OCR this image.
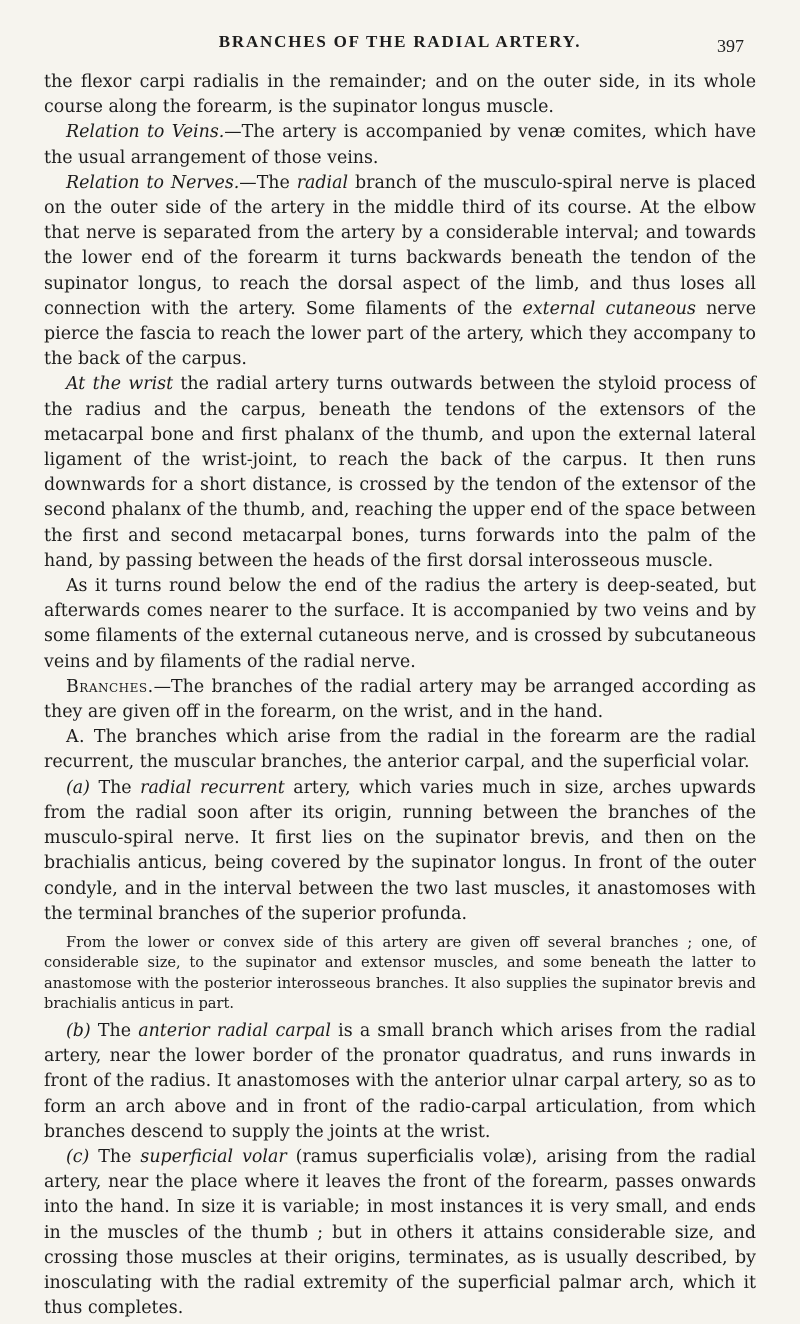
BRANCHES OF THE RADIAL ARTERY.	397

the flexor carpi radialis in the remainder; and on the outer side, in its whole course along the forearm, is the supinator longus muscle.

Relation to Veins.—The artery is accompanied by venæ comites, which have the usual arrangement of those veins.

Relation to Nerves.—The radial branch of the musculo-spiral nerve is placed on the outer side of the artery in the middle third of its course. At the elbow that nerve is separated from the artery by a considerable interval; and towards the lower end of the forearm it turns backwards beneath the tendon of the supinator longus, to reach the dorsal aspect of the limb, and thus loses all connection with the artery. Some filaments of the external cutaneous nerve pierce the fascia to reach the lower part of the artery, which they accompany to the back of the carpus.

At the wrist the radial artery turns outwards between the styloid process of the radius and the carpus, beneath the tendons of the extensors of the metacarpal bone and first phalanx of the thumb, and upon the external lateral ligament of the wrist-joint, to reach the back of the carpus. It then runs downwards for a short distance, is crossed by the tendon of the extensor of the second phalanx of the thumb, and, reaching the upper end of the space between the first and second metacarpal bones, turns forwards into the palm of the hand, by passing between the heads of the first dorsal interosseous muscle.

As it turns round below the end of the radius the artery is deep-seated, but afterwards comes nearer to the surface. It is accompanied by two veins and by some filaments of the external cutaneous nerve, and is crossed by subcutaneous veins and by filaments of the radial nerve.

Branches.—The branches of the radial artery may be arranged according as they are given off in the forearm, on the wrist, and in the hand.

A. The branches which arise from the radial in the forearm are the radial recurrent, the muscular branches, the anterior carpal, and the superficial volar.

(a) The radial recurrent artery, which varies much in size, arches upwards from the radial soon after its origin, running between the branches of the musculo-spiral nerve. It first lies on the supinator brevis, and then on the brachialis anticus, being covered by the supinator longus. In front of the outer condyle, and in the interval between the two last muscles, it anastomoses with the terminal branches of the superior profunda.

From the lower or convex side of this artery are given off several branches ; one, of considerable size, to the supinator and extensor muscles, and some beneath the latter to anastomose with the posterior interosseous branches. It also supplies the supinator brevis and brachialis anticus in part.

(b) The anterior radial carpal is a small branch which arises from the radial artery, near the lower border of the pronator quadratus, and runs inwards in front of the radius. It anastomoses with the anterior ulnar carpal artery, so as to form an arch above and in front of the radio-carpal articulation, from which branches descend to supply the joints at the wrist.

(c) The superficial volar (ramus superficialis volæ), arising from the radial artery, near the place where it leaves the front of the forearm, passes onwards into the hand. In size it is variable; in most instances it is very small, and ends in the muscles of the thumb ; but in others it attains considerable size, and crossing those muscles at their origins, terminates, as is usually described, by inosculating with the radial extremity of the superficial palmar arch, which it thus completes.
